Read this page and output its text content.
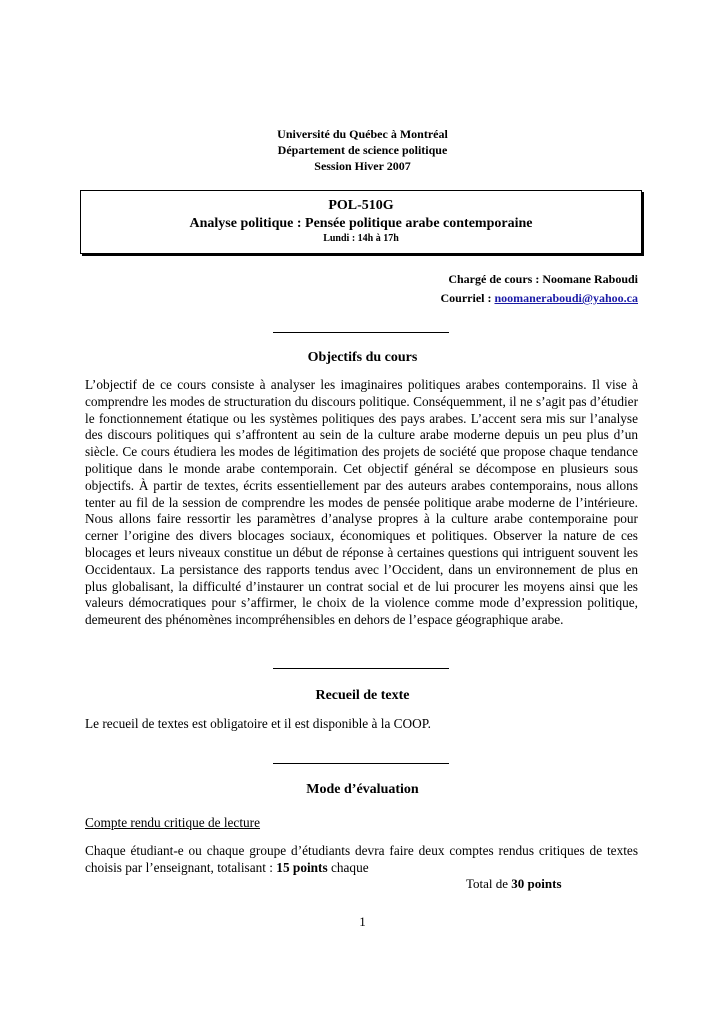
Université du Québec à Montréal
Département de science politique
Session Hiver 2007
POL-510G
Analyse politique : Pensée politique arabe contemporaine
Lundi : 14h à 17h
Chargé de cours : Noomane Raboudi
Courriel : noomaneraboudi@yahoo.ca
Objectifs du cours
L’objectif de ce cours consiste à analyser les imaginaires politiques arabes contemporains. Il vise à comprendre les modes de structuration du discours politique. Conséquemment, il ne s’agit pas d’étudier le fonctionnement étatique ou les systèmes politiques des pays arabes. L’accent sera mis sur l’analyse des discours politiques qui s’affrontent au sein de la culture arabe moderne depuis un peu plus d’un siècle. Ce cours étudiera les modes de légitimation des projets de société que propose chaque tendance politique dans le monde arabe contemporain. Cet objectif général se décompose en plusieurs sous objectifs. À partir de textes, écrits essentiellement par des auteurs arabes contemporains, nous allons tenter au fil de la session de comprendre les modes de pensée politique arabe moderne de l’intérieure. Nous allons faire ressortir les paramètres d’analyse propres à la culture arabe contemporaine pour cerner l’origine des divers blocages sociaux, économiques et politiques. Observer la nature de ces blocages et leurs niveaux constitue un début de réponse à certaines questions qui intriguent souvent les Occidentaux. La persistance des rapports tendus avec l’Occident, dans un environnement de plus en plus globalisant, la difficulté d’instaurer un contrat social et de lui procurer les moyens ainsi que les valeurs démocratiques pour s’affirmer, le choix de la violence comme mode d’expression politique, demeurent des phénomènes incompréhensibles en dehors de l’espace géographique arabe.
Recueil de texte
Le recueil de textes est obligatoire et il est disponible à la COOP.
Mode d’évaluation
Compte rendu critique de lecture
Chaque étudiant-e ou chaque groupe d’étudiants devra faire deux comptes rendus critiques de textes choisis par l’enseignant, totalisant : 15 points chaque
Total de 30 points
1
